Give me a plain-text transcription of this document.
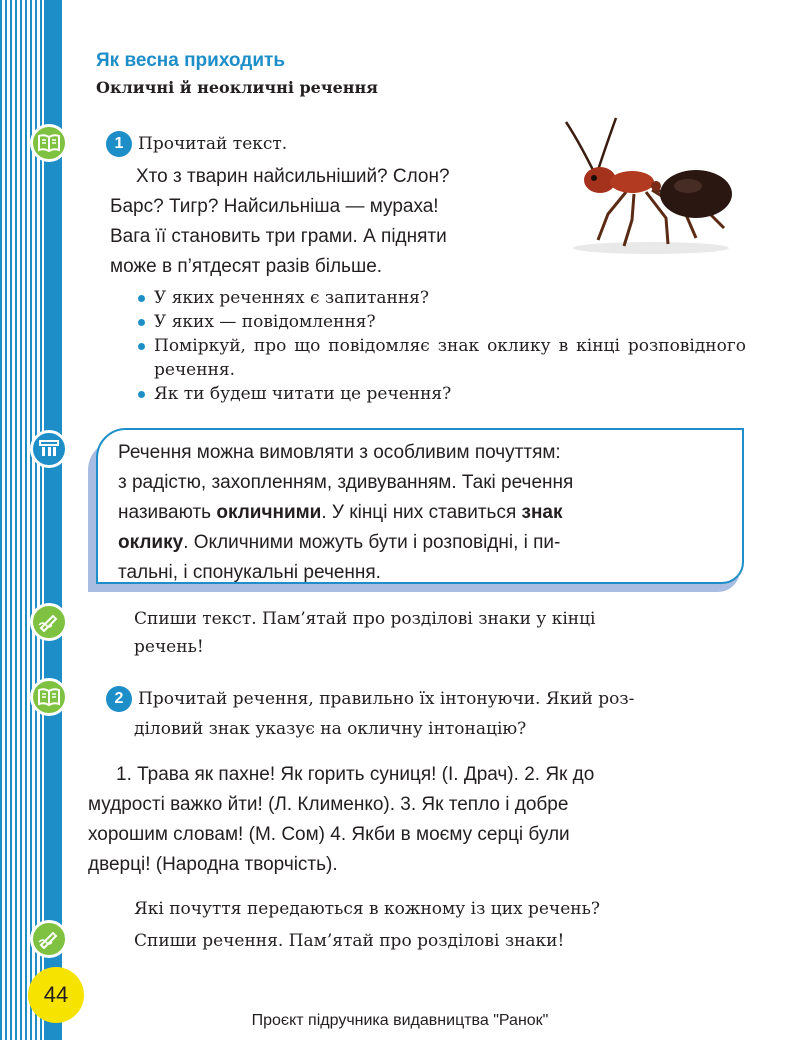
44
Як весна приходить
Окличні й неокличні речення
1 Прочитай текст.
Хто з тварин найсильніший? Слон?
Барс? Тигр? Найсильніша — мураха!
Вага її становить три грами. А підняти
може в п’ятдесят разів більше.
У яких реченнях є запитання?
У яких — повідомлення?
Поміркуй, про що повідомляє знак оклику в кінці розповідного речення.
Як ти будеш читати це речення?
Речення можна вимовляти з особливим почуттям:
з радістю, захопленням, здивуванням. Такі речення
називають окличними. У кінці них ставиться знак
оклику. Окличними можуть бути і розповідні, і пи-
тальні, і спонукальні речення.
Спиши текст. Пам’ятай про розділові знаки у кінці
речень!
2 Прочитай речення, правильно їх інтонуючи. Який роз-
діловий знак указує на окличну інтонацію?
1. Трава як пахне! Як горить суниця! (І. Драч). 2. Як до
мудрості важко йти! (Л. Клименко). 3. Як тепло і добре
хорошим словам! (М. Сом) 4. Якби в моєму серці були
дверці! (Народна творчість).
Які почуття передаються в кожному із цих речень?
Спиши речення. Пам’ятай про розділові знаки!
Проєкт підручника видавництва "Ранок"
